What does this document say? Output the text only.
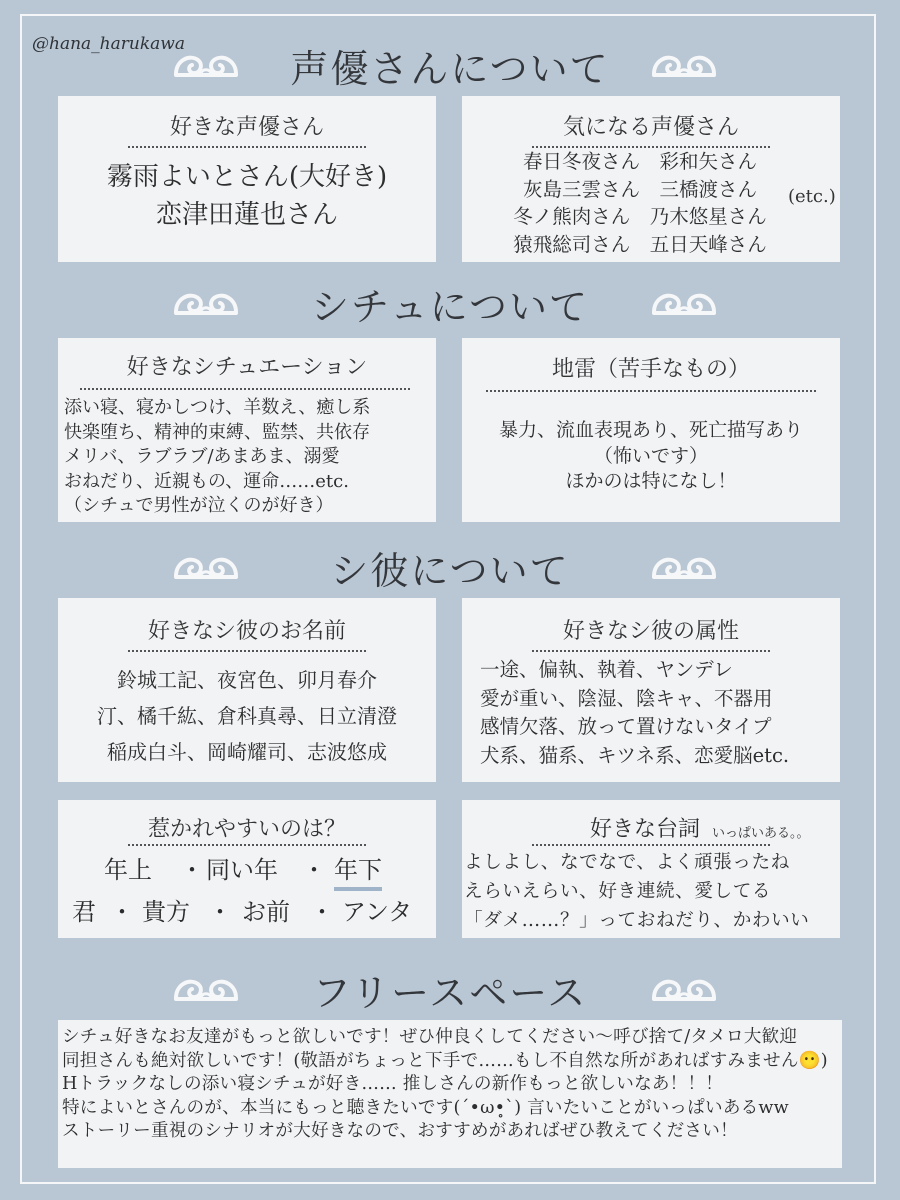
@hana_harukawa
声優さんについて
好きな声優さん
霧雨よいとさん(大好き)
恋津田蓮也さん
気になる声優さん
春日冬夜さん　彩和矢さん
灰島三雲さん　三橋渡さん
冬ノ熊肉さん　乃木悠星さん
猿飛総司さん　五日天峰さん
(etc.)
シチュについて
好きなシチュエーション
添い寝、寝かしつけ、羊数え、癒し系
快楽堕ち、精神的束縛、監禁、共依存
メリバ、ラブラブ/あまあま、溺愛
おねだり、近親もの、運命……etc.
（シチュで男性が泣くのが好き）
地雷（苦手なもの）
暴力、流血表現あり、死亡描写あり
（怖いです）
ほかのは特になし！
シ彼について
好きなシ彼のお名前
鈴城工記、夜宮色、卯月春介
汀、橘千紘、倉科真尋、日立清澄
稲成白斗、岡崎耀司、志波悠成
好きなシ彼の属性
一途、偏執、執着、ヤンデレ
愛が重い、陰湿、陰キャ、不器用
感情欠落、放って置けないタイプ
犬系、猫系、キツネ系、恋愛脳etc.
惹かれやすいのは？
年上 ・ 同い年 ・ 年下
君 ・ 貴方 ・ お前 ・ アンタ
好きな台詞 いっぱいある。。
よしよし、なでなで、よく頑張ったね
えらいえらい、好き連続、愛してる
「ダメ……？」っておねだり、かわいい
フリースペース
シチュ好きなお友達がもっと欲しいです！ぜひ仲良くしてください〜呼び捨て/タメロ大歓迎
同担さんも絶対欲しいです！(敬語がちょっと下手で……もし不自然な所があればすみません😶)
Hトラックなしの添い寝シチュが好き…… 推しさんの新作もっと欲しいなあ！！！
特によいとさんのが、本当にもっと聴きたいです(´•ω•̥`) 言いたいことがいっぱいあるww
ストーリー重視のシナリオが大好きなので、おすすめがあればぜひ教えてください！
